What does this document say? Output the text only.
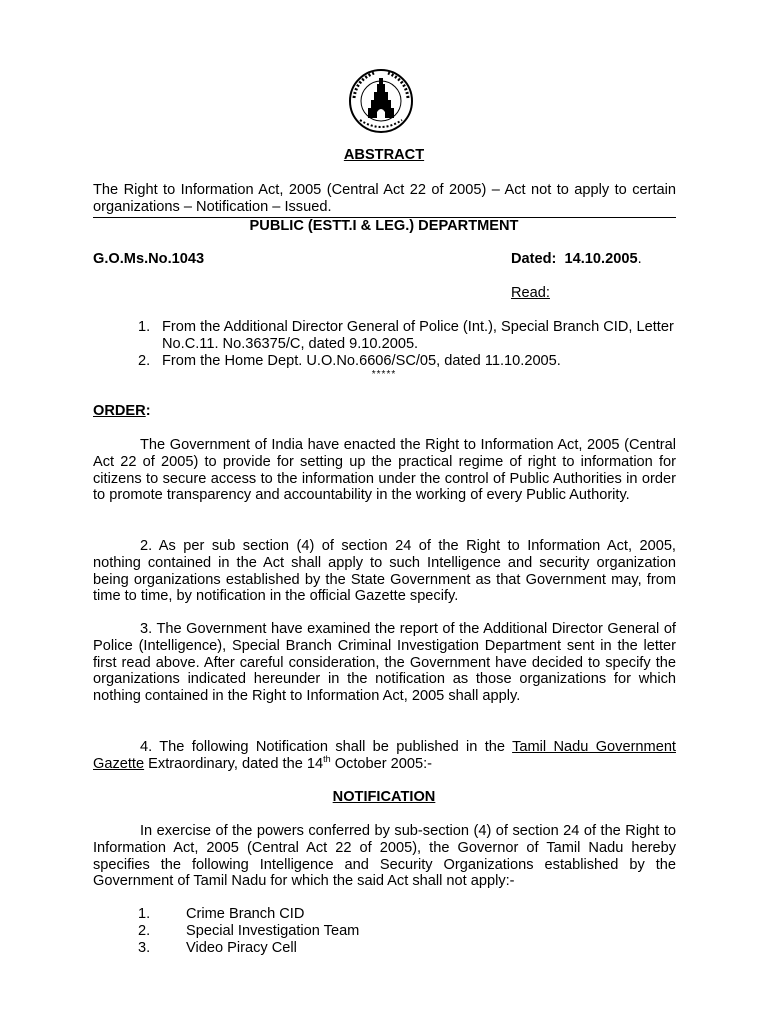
ABSTRACT
The Right to Information Act, 2005 (Central Act 22 of 2005) – Act not to apply to certain organizations – Notification – Issued.
PUBLIC (ESTT.I & LEG.) DEPARTMENT
G.O.Ms.No.1043	Dated: 14.10.2005.
Read:
1. From the Additional Director General of Police (Int.), Special Branch CID, Letter No.C.11. No.36375/C, dated 9.10.2005.
2. From the Home Dept. U.O.No.6606/SC/05, dated 11.10.2005.
*****
ORDER:
The Government of India have enacted the Right to Information Act, 2005 (Central Act 22 of 2005) to provide for setting up the practical regime of right to information for citizens to secure access to the information under the control of Public Authorities in order to promote transparency and accountability in the working of every Public Authority.
2. As per sub section (4) of section 24 of the Right to Information Act, 2005, nothing contained in the Act shall apply to such Intelligence and security organization being organizations established by the State Government as that Government may, from time to time, by notification in the official Gazette specify.
3. The Government have examined the report of the Additional Director General of Police (Intelligence), Special Branch Criminal Investigation Department sent in the letter first read above. After careful consideration, the Government have decided to specify the organizations indicated hereunder in the notification as those organizations for which nothing contained in the Right to Information Act, 2005 shall apply.
4. The following Notification shall be published in the Tamil Nadu Government Gazette Extraordinary, dated the 14th October 2005:-
NOTIFICATION
In exercise of the powers conferred by sub-section (4) of section 24 of the Right to Information Act, 2005 (Central Act 22 of 2005), the Governor of Tamil Nadu hereby specifies the following Intelligence and Security Organizations established by the Government of Tamil Nadu for which the said Act shall not apply:-
1.	Crime Branch CID
2.	Special Investigation Team
3.	Video Piracy Cell
